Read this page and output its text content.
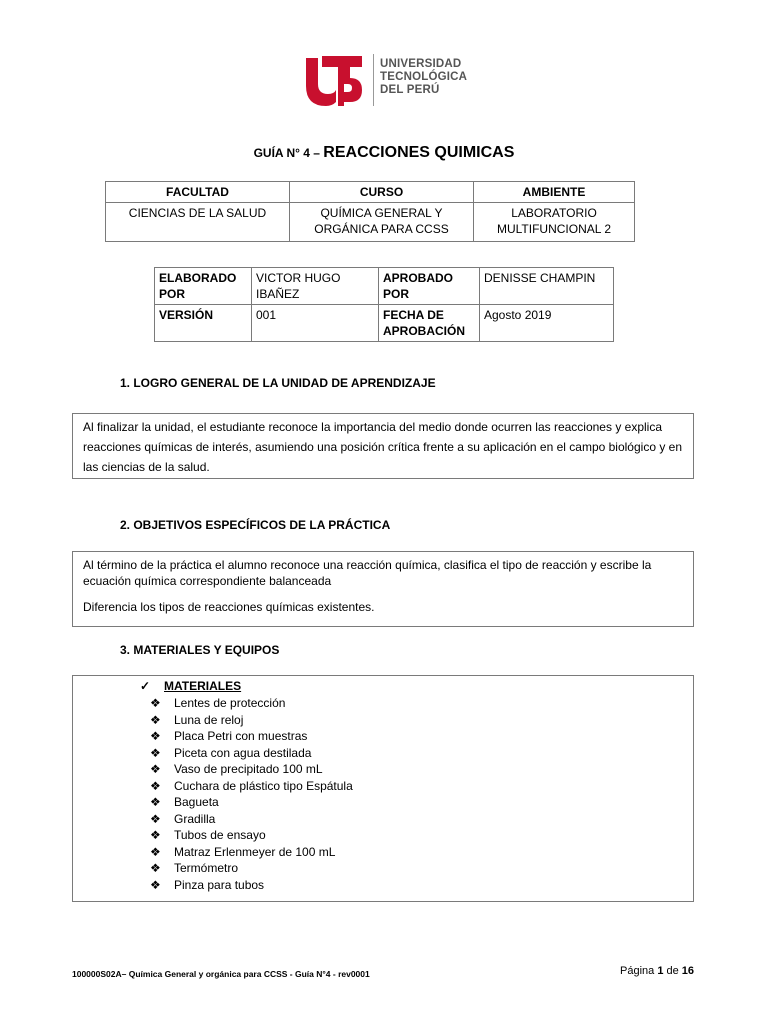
UNIVERSIDAD
TECNOLÓGICA
DEL PERÚ
GUÍA N° 4 – REACCIONES QUIMICAS
FACULTAD	CURSO	AMBIENTE
CIENCIAS DE LA SALUD	QUÍMICA GENERAL Y ORGÁNICA PARA CCSS	LABORATORIO MULTIFUNCIONAL 2
ELABORADO POR	VICTOR HUGO IBAÑEZ	APROBADO POR	DENISSE CHAMPIN
VERSIÓN	001	FECHA DE APROBACIÓN	Agosto 2019
1. LOGRO GENERAL DE LA UNIDAD DE APRENDIZAJE

Al finalizar la unidad, el estudiante reconoce la importancia del medio donde ocurren las reacciones y explica reacciones químicas de interés, asumiendo una posición crítica frente a su aplicación en el campo biológico y en las ciencias de la salud.

2. OBJETIVOS ESPECÍFICOS DE LA PRÁCTICA

Al término de la práctica el alumno reconoce una reacción química, clasifica el tipo de reacción y escribe la ecuación química correspondiente balanceada

Diferencia los tipos de reacciones químicas existentes.

3. MATERIALES Y EQUIPOS
✓ MATERIALES
❖	Lentes de protección
❖	Luna de reloj
❖	Placa Petri con muestras
❖	Piceta con agua destilada
❖	Vaso de precipitado 100 mL
❖	Cuchara de plástico tipo Espátula
❖	Bagueta
❖	Gradilla
❖	Tubos de ensayo
❖	Matraz Erlenmeyer de 100 mL
❖	Termómetro
❖	Pinza para tubos
100000S02A– Química General y orgánica para CCSS - Guía N°4 - rev0001	Página 1 de 16
